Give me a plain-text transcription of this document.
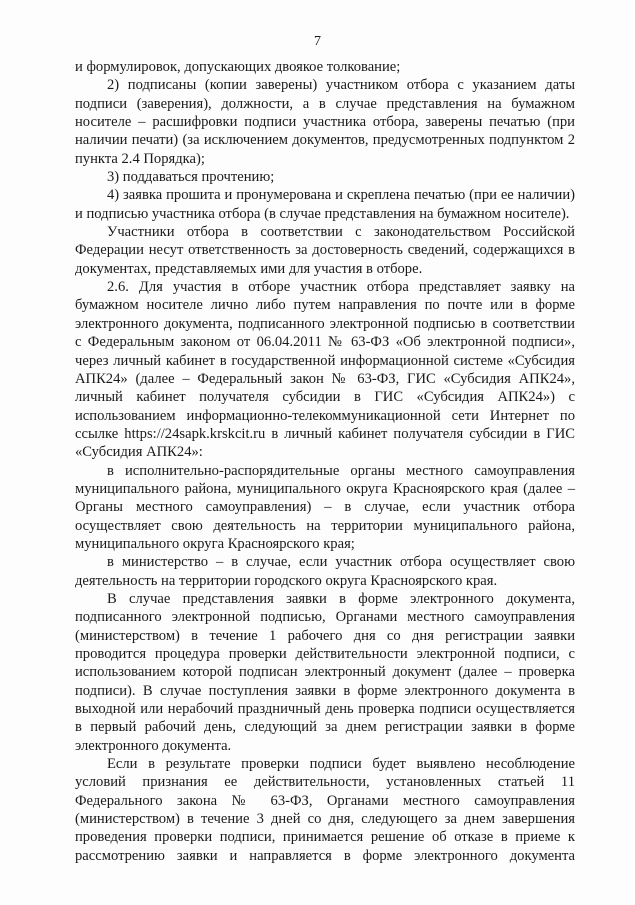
7

и формулировок, допускающих двоякое толкование;

2) подписаны (копии заверены) участником отбора с указанием даты подписи (заверения), должности, а в случае представления на бумажном носителе – расшифровки подписи участника отбора, заверены печатью (при наличии печати) (за исключением документов, предусмотренных подпунктом 2 пункта 2.4 Порядка);

3) поддаваться прочтению;

4) заявка прошита и пронумерована и скреплена печатью (при ее наличии) и подписью участника отбора (в случае представления на бумажном носителе).

Участники отбора в соответствии с законодательством Российской Федерации несут ответственность за достоверность сведений, содержащихся в документах, представляемых ими для участия в отборе.

2.6. Для участия в отборе участник отбора представляет заявку на бумажном носителе лично либо путем направления по почте или в форме электронного документа, подписанного электронной подписью в соответствии с Федеральным законом от 06.04.2011 № 63-ФЗ «Об электронной подписи», через личный кабинет в государственной информационной системе «Субсидия АПК24» (далее – Федеральный закон № 63-ФЗ, ГИС «Субсидия АПК24», личный кабинет получателя субсидии в ГИС «Субсидия АПК24») с использованием информационно-телекоммуникационной сети Интернет по ссылке https://24sapk.krskcit.ru в личный кабинет получателя субсидии в ГИС «Субсидия АПК24»:

в исполнительно-распорядительные органы местного самоуправления муниципального района, муниципального округа Красноярского края (далее – Органы местного самоуправления) – в случае, если участник отбора осуществляет свою деятельность на территории муниципального района, муниципального округа Красноярского края;

в министерство – в случае, если участник отбора осуществляет свою деятельность на территории городского округа Красноярского края.

В случае представления заявки в форме электронного документа, подписанного электронной подписью, Органами местного самоуправления (министерством) в течение 1 рабочего дня со дня регистрации заявки проводится процедура проверки действительности электронной подписи, с использованием которой подписан электронный документ (далее – проверка подписи). В случае поступления заявки в форме электронного документа в выходной или нерабочий праздничный день проверка подписи осуществляется в первый рабочий день, следующий за днем регистрации заявки в форме электронного документа.

Если в результате проверки подписи будет выявлено несоблюдение условий признания ее действительности, установленных статьей 11 Федерального закона № 63-ФЗ, Органами местного самоуправления (министерством) в течение 3 дней со дня, следующего за днем завершения проведения проверки подписи, принимается решение об отказе в приеме к рассмотрению заявки и направляется в форме электронного документа
